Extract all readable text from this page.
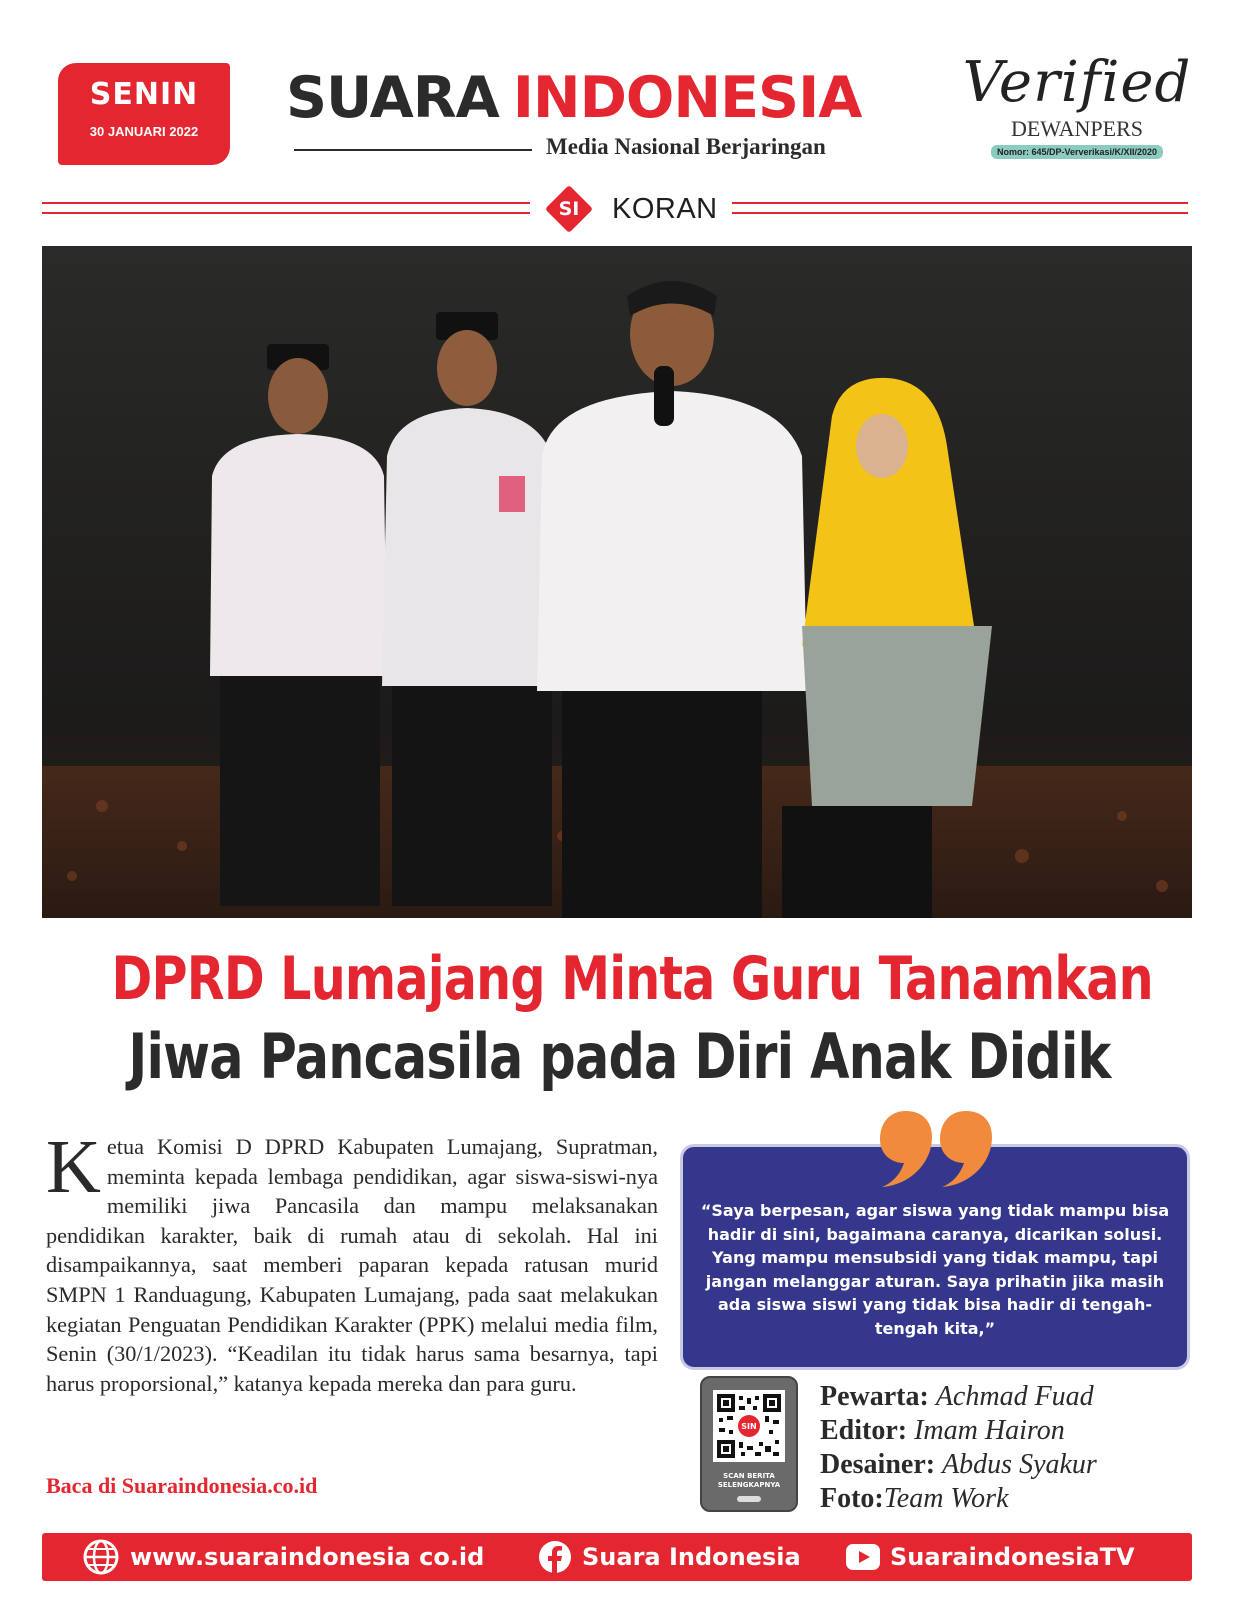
SENIN
30 JANUARI 2022
SUARA INDONESIA
Media Nasional Berjaringan
Verified
DEWANPERS
Nomor: 645/DP-Ververikasi/K/XII/2020
SI	KORAN
DPRD Lumajang Minta Guru Tanamkan
Jiwa Pancasila pada Diri Anak Didik
Ketua Komisi D DPRD Kabupaten Lumajang, Supratman, meminta kepada lembaga pendidikan, agar siswa-siswi-nya memiliki jiwa Pancasila dan mampu melaksanakan pendidikan karakter, baik di rumah atau di sekolah. Hal ini disampaikannya, saat memberi paparan kepada ratusan murid SMPN 1 Randuagung, Kabupaten Lumajang, pada saat melakukan kegiatan Penguatan Pendidikan Karakter (PPK) melalui media film, Senin (30/1/2023). “Keadilan itu tidak harus sama besarnya, tapi harus proporsional,” katanya kepada mereka dan para guru.
Baca di Suaraindonesia.co.id
“Saya berpesan, agar siswa yang tidak mampu bisa hadir di sini, bagaimana caranya, dicarikan solusi. Yang mampu mensubsidi yang tidak mampu, tapi jangan melanggar aturan. Saya prihatin jika masih ada siswa siswi yang tidak bisa hadir di tengah-tengah kita,”
SIN
SCAN BERITA
SELENGKAPNYA
Pewarta: Achmad Fuad
Editor: Imam Hairon
Desainer: Abdus Syakur
Foto:Team Work
www.suaraindonesia co.id	Suara Indonesia	SuaraindonesiaTV
